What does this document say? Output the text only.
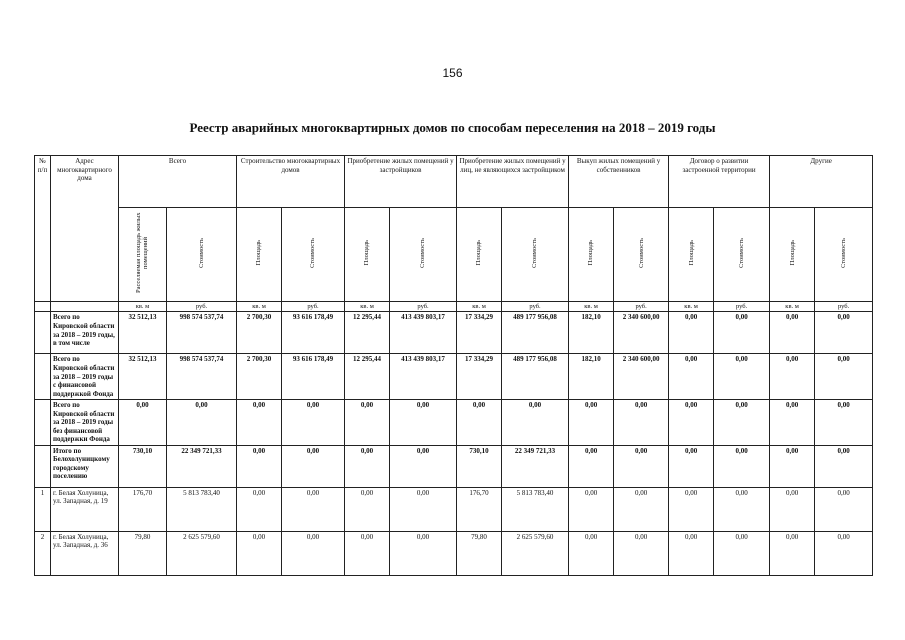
156
Реестр аварийных многоквартирных домов по способам переселения на 2018 – 2019 годы
№ п/п	Адрес многоквартирного дома	Всего		Строительство многоквартирных домов		Приобретение жилых помещений у застройщиков		Приобретение жилых помещений у лиц, не являющихся застройщиком		Выкуп жилых помещений у собственников		Договор о развитии застроенной территории		Другие	
		Расселяемая площадь жилых помещений	Стоимость	Площадь	Стоимость	Площадь	Стоимость	Площадь	Стоимость	Площадь	Стоимость	Площадь	Стоимость	Площадь	Стоимость
		кв. м	руб.	кв. м	руб.	кв. м	руб.	кв. м	руб.	кв. м	руб.	кв. м	руб.	кв. м	руб.
	Всего по Кировской области за 2018 – 2019 годы, в том числе	32 512,13	998 574 537,74	2 700,30	93 616 178,49	12 295,44	413 439 803,17	17 334,29	489 177 956,08	182,10	2 340 600,00	0,00	0,00	0,00	0,00
	Всего по Кировской области за 2018 – 2019 годы с финансовой поддержкой Фонда	32 512,13	998 574 537,74	2 700,30	93 616 178,49	12 295,44	413 439 803,17	17 334,29	489 177 956,08	182,10	2 340 600,00	0,00	0,00	0,00	0,00
	Всего по Кировской области за 2018 – 2019 годы без финансовой поддержки Фонда	0,00	0,00	0,00	0,00	0,00	0,00	0,00	0,00	0,00	0,00	0,00	0,00	0,00	0,00
	Итого по Белохолуницкому городскому поселению	730,10	22 349 721,33	0,00	0,00	0,00	0,00	730,10	22 349 721,33	0,00	0,00	0,00	0,00	0,00	0,00
1	г. Белая Холуница, ул. Западная, д. 19	176,70	5 813 783,40	0,00	0,00	0,00	0,00	176,70	5 813 783,40	0,00	0,00	0,00	0,00	0,00	0,00
2	г. Белая Холуница, ул. Западная, д. 36	79,80	2 625 579,60	0,00	0,00	0,00	0,00	79,80	2 625 579,60	0,00	0,00	0,00	0,00	0,00	0,00
